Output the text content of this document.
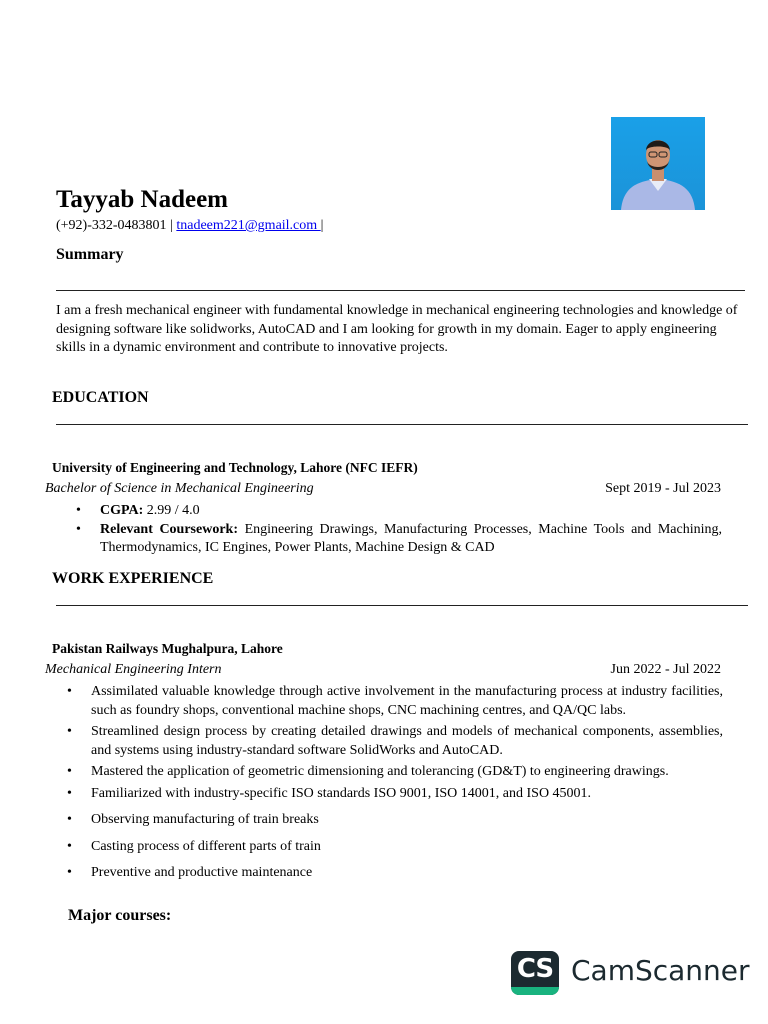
Tayyab Nadeem
(+92)-332-0483801 | tnadeem221@gmail.com |
Summary
I am a fresh mechanical engineer with fundamental knowledge in mechanical engineering technologies and knowledge of designing software like solidworks, AutoCAD and I am looking for growth in my domain. Eager to apply engineering skills in a dynamic environment and contribute to innovative projects.
EDUCATION
University of Engineering and Technology, Lahore (NFC IEFR)
Bachelor of Science in Mechanical Engineering	Sept 2019 - Jul 2023
• CGPA: 2.99 / 4.0
• Relevant Coursework: Engineering Drawings, Manufacturing Processes, Machine Tools and Machining, Thermodynamics, IC Engines, Power Plants, Machine Design & CAD
WORK EXPERIENCE
Pakistan Railways Mughalpura, Lahore
Mechanical Engineering Intern	Jun 2022 - Jul 2022
• Assimilated valuable knowledge through active involvement in the manufacturing process at industry facilities, such as foundry shops, conventional machine shops, CNC machining centres, and QA/QC labs.
• Streamlined design process by creating detailed drawings and models of mechanical components, assemblies, and systems using industry-standard software SolidWorks and AutoCAD.
• Mastered the application of geometric dimensioning and tolerancing (GD&T) to engineering drawings.
• Familiarized with industry-specific ISO standards ISO 9001, ISO 14001, and ISO 45001.
• Observing manufacturing of train breaks
• Casting process of different parts of train
• Preventive and productive maintenance
Major courses:
CS CamScanner
